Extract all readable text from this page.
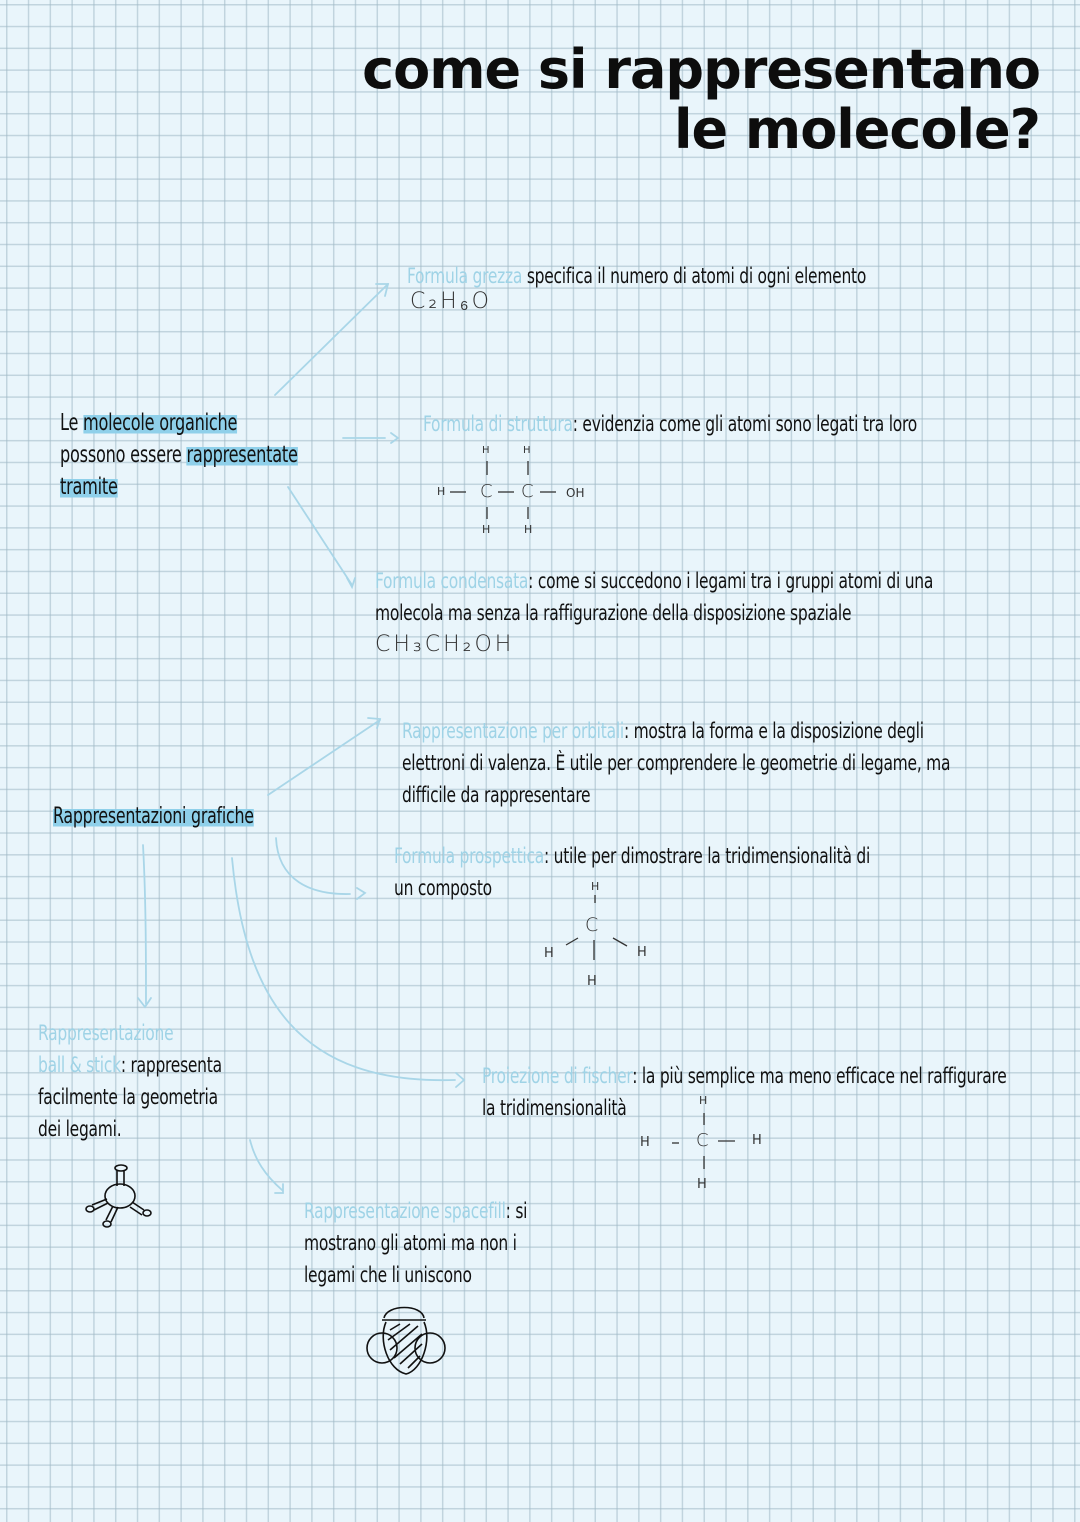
come si rappresentano
le molecole?
Le molecole organiche
possono essere rappresentate
tramite
Formula grezza specifica il numero di atomi di ogni elemento
C₂H₆O
Formula di struttura: evidenzia come gli atomi sono legati tra loro
H	H
H C C	OH
H	H
Formula condensata: come si succedono i legami tra i gruppi atomi di una
molecola ma senza la raffigurazione della disposizione spaziale
CH₃CH₂OH
Rappresentazioni grafiche
Rappresentazione per orbitali: mostra la forma e la disposizione degli
elettroni di valenza. È utile per comprendere le geometrie di legame, ma
difficile da rappresentare
Formula prospettica: utile per dimostrare la tridimensionalità di
un composto	H
C
H	H
H
Rappresentazione
ball & stick: rappresenta
facilmente la geometria
dei legami.
Proiezione di fischer: la più semplice ma meno efficace nel raffigurare
la tridimensionalità	H
C
H	H
H
Rappresentazione spacefill: si
mostrano gli atomi ma non i
legami che li uniscono
